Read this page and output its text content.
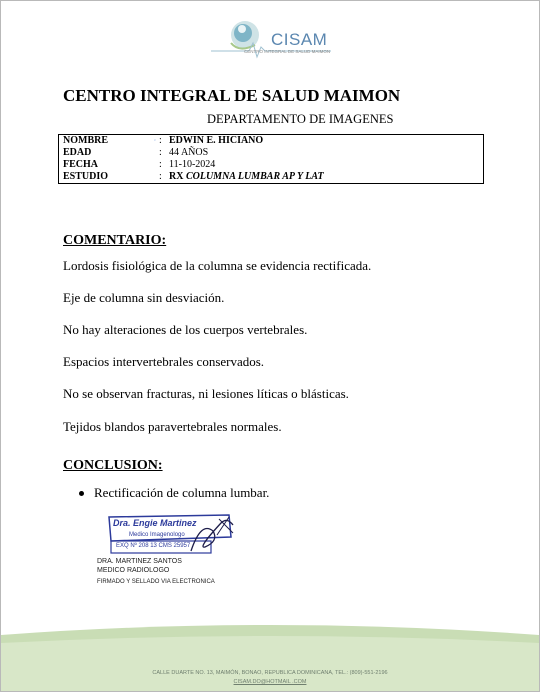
CISAM
CENTRO INTEGRAL DE SALUD MAIMON
CENTRO INTEGRAL DE SALUD MAIMON
DEPARTAMENTO DE IMAGENES
NOMBRE	ᵕ : EDWIN E. HICIANO
EDAD	: 44 AÑOS
FECHA	: 11-10-2024
ESTUDIO	: RX COLUMNA LUMBAR AP Y LAT
COMENTARIO:
Lordosis fisiológica de la columna se evidencia rectificada.
Eje de columna sin desviación.
No hay alteraciones de los cuerpos vertebrales.
Espacios intervertebrales conservados.
No se observan fracturas, ni lesiones líticas o blásticas.
Tejidos blandos paravertebrales normales.
CONCLUSION:
Rectificación de columna lumbar.
Dra. Engie Martinez
Medico Imagenologo
EXQ Nº 208 13 CMS 25957
DRA. MARTINEZ SANTOS
MEDICO RADIOLOGO
FIRMADO Y SELLADO VIA ELECTRONICA
CALLE DUARTE NO. 13, MAIMÓN, BONAO, REPUBLICA DOMINICANA, TEL.: (809)-551-2196
CISAM.DO@HOTMAIL .COM
